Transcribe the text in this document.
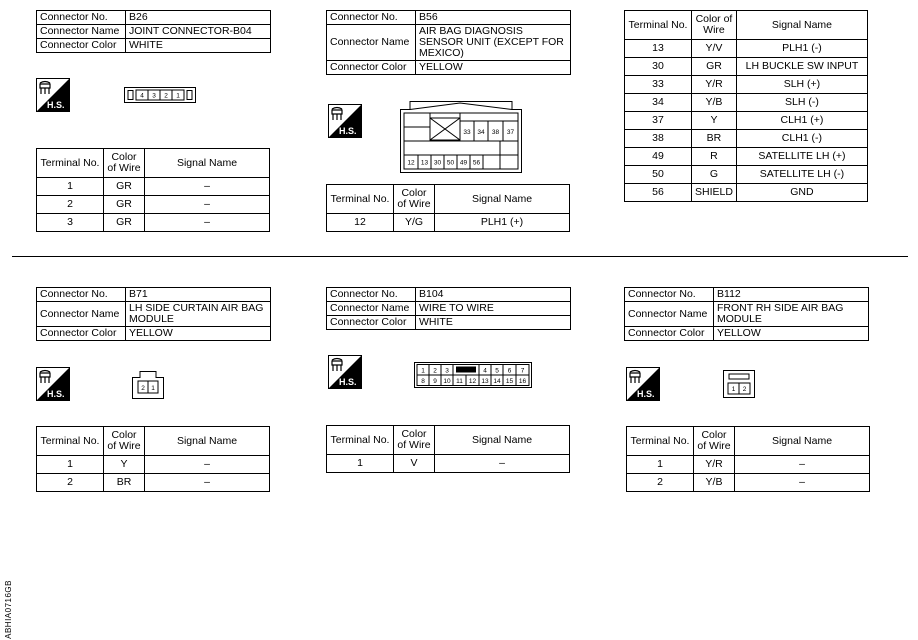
Connector No.	B26
Connector Name	JOINT CONNECTOR-B04
Connector Color	WHITE
H.S.
4 3 2 1
Terminal No.	Color of Wire	Signal Name
1	GR	–
2	GR	–
3	GR	–
Connector No.	B56
Connector Name	AIR BAG DIAGNOSIS SENSOR UNIT (EXCEPT FOR MEXICO)
Connector Color	YELLOW
H.S.	33 34 38 37
12 13 30 50 49 56
Terminal No.	Color of Wire	Signal Name
12	Y/G	PLH1 (+)
Terminal No.	Color of Wire	Signal Name
13	Y/V	PLH1 (-)
30	GR	LH BUCKLE SW INPUT
33	Y/R	SLH (+)
34	Y/B	SLH (-)
37	Y	CLH1 (+)
38	BR	CLH1 (-)
49	R	SATELLITE LH (+)
50	G	SATELLITE LH (-)
56	SHIELD	GND
Connector No.	B71
Connector Name	LH SIDE CURTAIN AIR BAG MODULE
Connector Color	YELLOW
H.S.
2 1
Terminal No.	Color of Wire	Signal Name
1	Y	–
2	BR	–
Connector No.	B104
Connector Name	WIRE TO WIRE
Connector Color	WHITE
H.S.
1 2 3	4 5 6 7
8 9 10 11 12 13 14 15 16
Terminal No.	Color of Wire	Signal Name
1	V	–
Connector No.	B112
Connector Name	FRONT RH SIDE AIR BAG MODULE
Connector Color	YELLOW
H.S.	1 2
Terminal No.	Color of Wire	Signal Name
1	Y/R	–
2	Y/B	–
ABHIA0716GB
